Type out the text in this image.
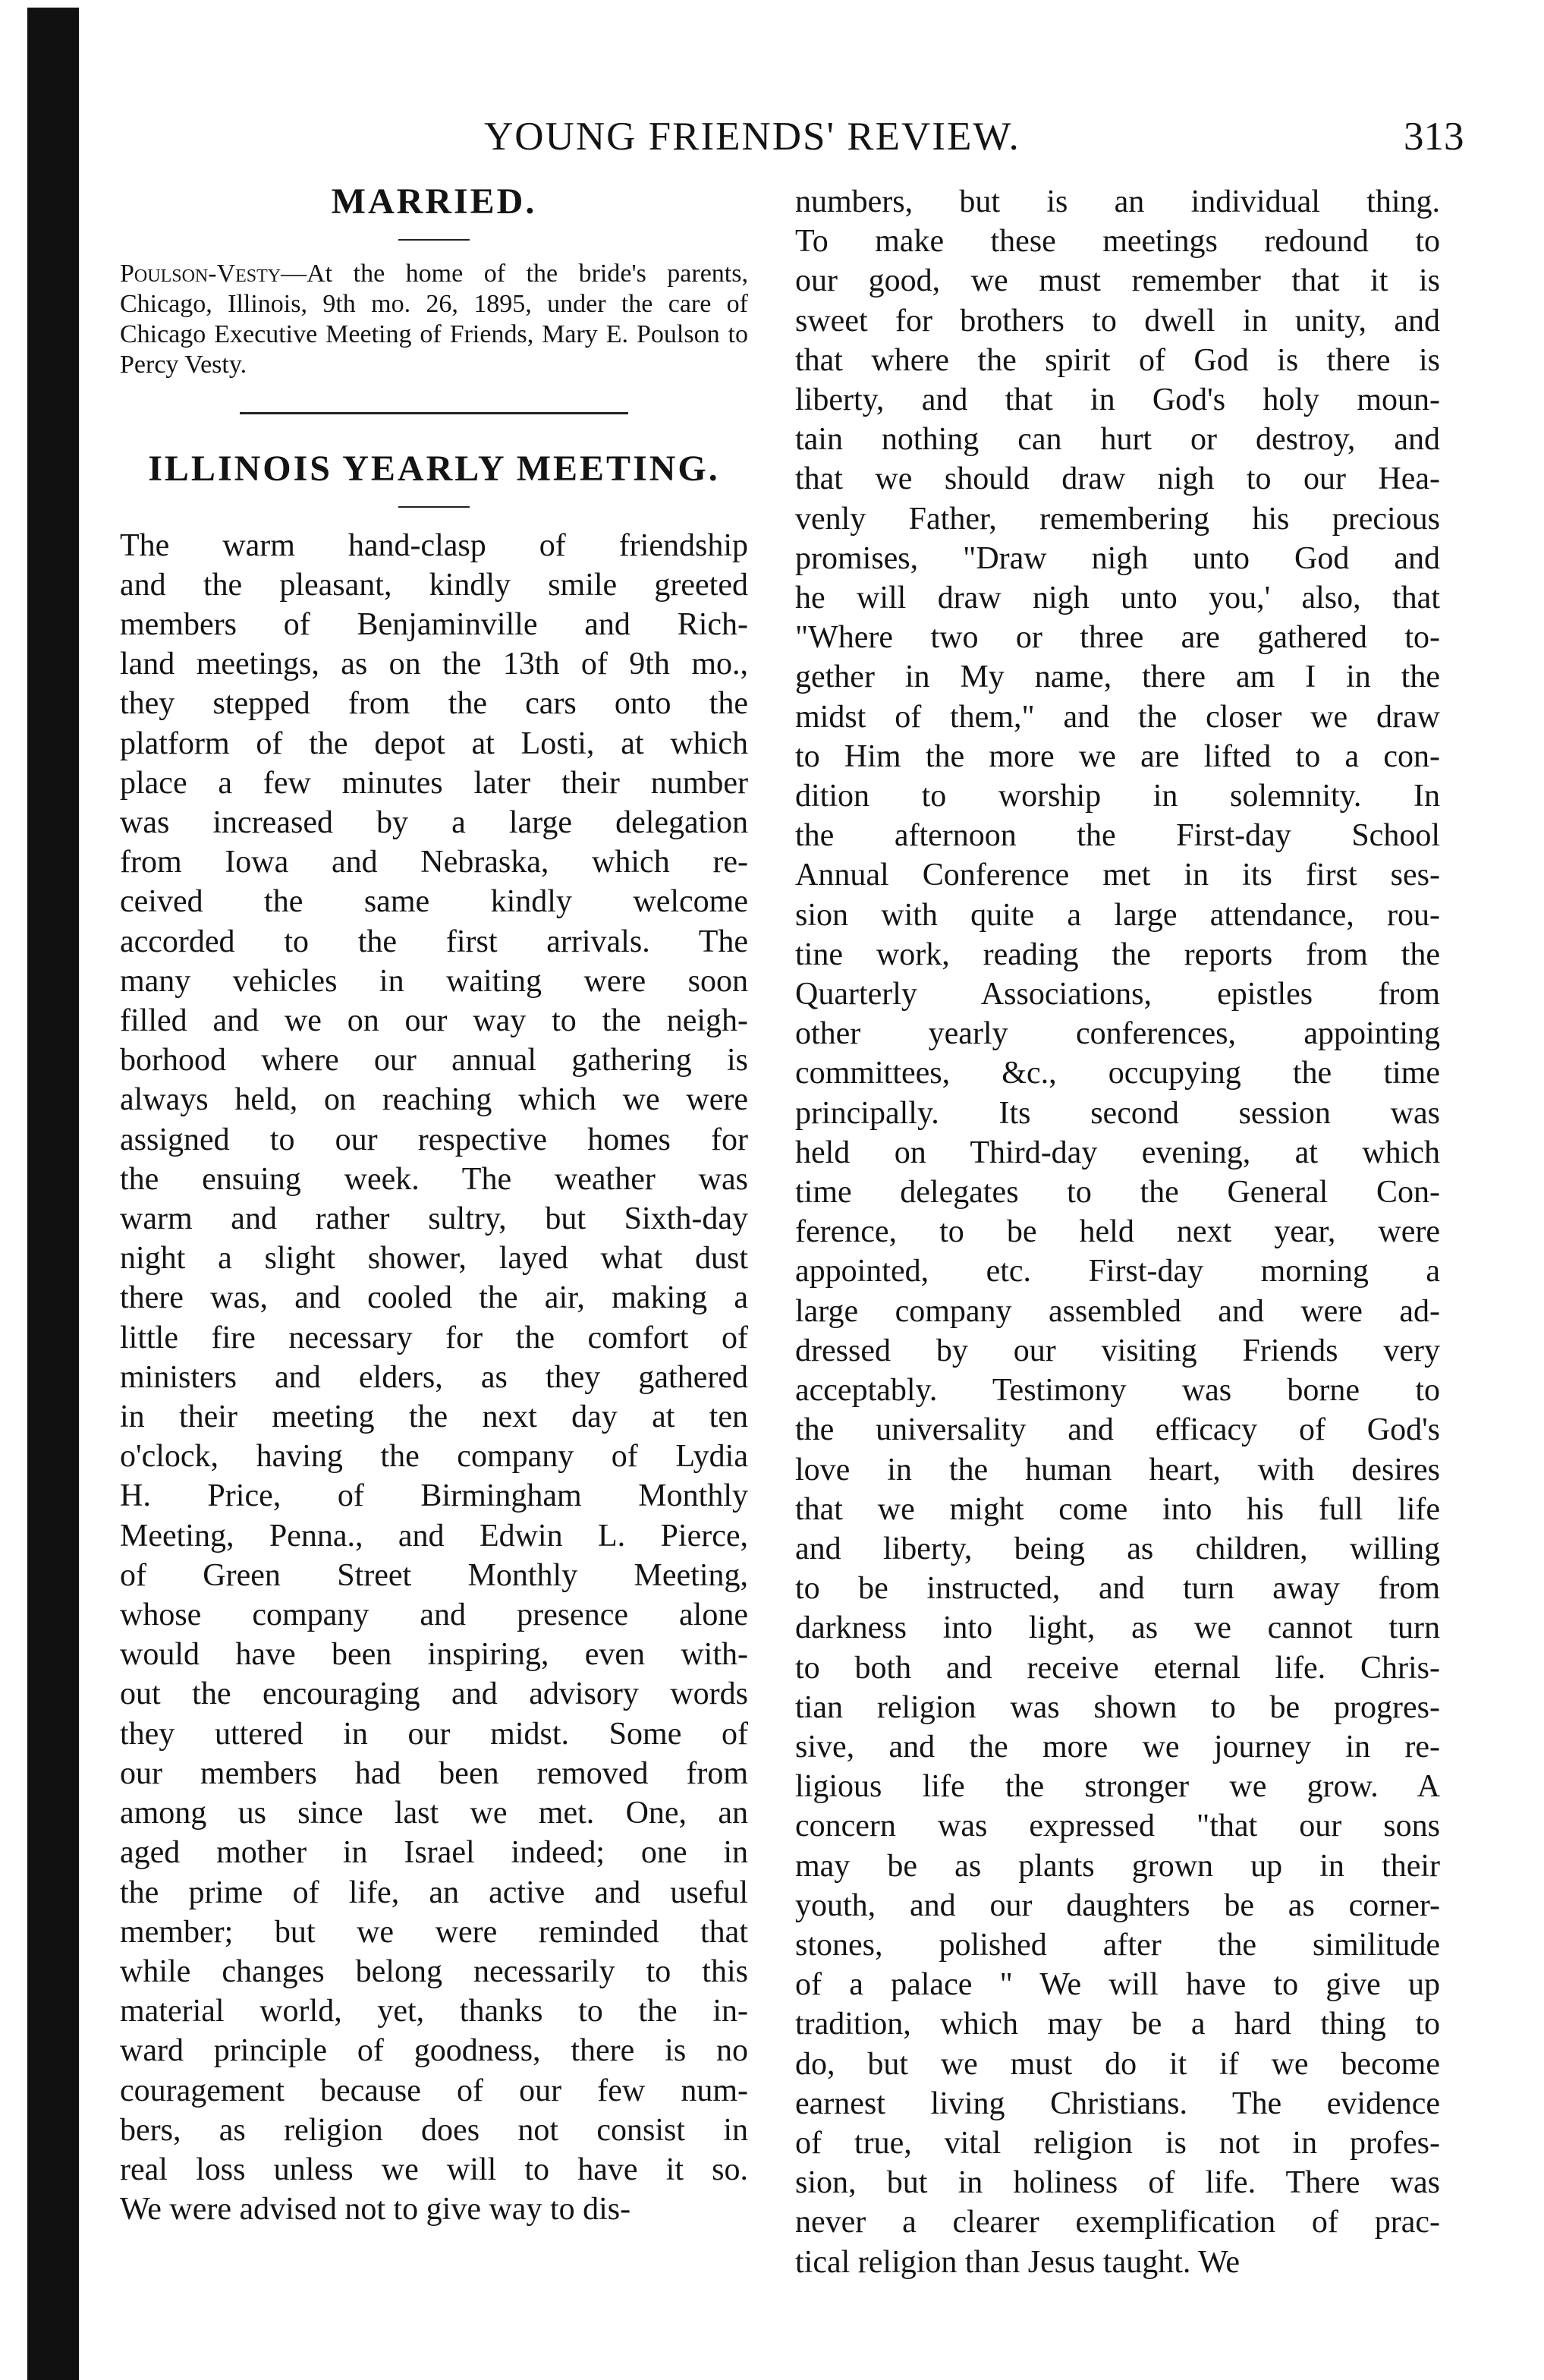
YOUNG FRIENDS' REVIEW.	313
MARRIED.

Poulson-Vesty—At the home of the bride's parents, Chicago, Illinois, 9th mo. 26, 1895, under the care of Chicago Executive Meeting of Friends, Mary E. Poulson to Percy Vesty.

ILLINOIS YEARLY MEETING.
The warm hand-clasp of friendship
and the pleasant, kindly smile greeted
members of Benjaminville and Rich-
land meetings, as on the 13th of 9th mo.,
they stepped from the cars onto the
platform of the depot at Losti, at which
place a few minutes later their number
was increased by a large delegation
from Iowa and Nebraska, which re-
ceived the same kindly welcome
accorded to the first arrivals. The
many vehicles in waiting were soon
filled and we on our way to the neigh-
borhood where our annual gathering is
always held, on reaching which we were
assigned to our respective homes for
the ensuing week. The weather was
warm and rather sultry, but Sixth-day
night a slight shower, layed what dust
there was, and cooled the air, making a
little fire necessary for the comfort of
ministers and elders, as they gathered
in their meeting the next day at ten
o'clock, having the company of Lydia
H. Price, of Birmingham Monthly
Meeting, Penna., and Edwin L. Pierce,
of Green Street Monthly Meeting,
whose company and presence alone
would have been inspiring, even with-
out the encouraging and advisory words
they uttered in our midst. Some of
our members had been removed from
among us since last we met. One, an
aged mother in Israel indeed; one in
the prime of life, an active and useful
member; but we were reminded that
while changes belong necessarily to this
material world, yet, thanks to the in-
ward principle of goodness, there is no
couragement because of our few num-
bers, as religion does not consist in
real loss unless we will to have it so.
We were advised not to give way to dis-
numbers, but is an individual thing.
To make these meetings redound to
our good, we must remember that it is
sweet for brothers to dwell in unity, and
that where the spirit of God is there is
liberty, and that in God's holy moun-
tain nothing can hurt or destroy, and
that we should draw nigh to our Hea-
venly Father, remembering his precious
promises, "Draw nigh unto God and
he will draw nigh unto you,' also, that
"Where two or three are gathered to-
gether in My name, there am I in the
midst of them," and the closer we draw
to Him the more we are lifted to a con-
dition to worship in solemnity. In
the afternoon the First-day School
Annual Conference met in its first ses-
sion with quite a large attendance, rou-
tine work, reading the reports from the
Quarterly Associations, epistles from
other yearly conferences, appointing
committees, &c., occupying the time
principally. Its second session was
held on Third-day evening, at which
time delegates to the General Con-
ference, to be held next year, were
appointed, etc. First-day morning a
large company assembled and were ad-
dressed by our visiting Friends very
acceptably. Testimony was borne to
the universality and efficacy of God's
love in the human heart, with desires
that we might come into his full life
and liberty, being as children, willing
to be instructed, and turn away from
darkness into light, as we cannot turn
to both and receive eternal life. Chris-
tian religion was shown to be progres-
sive, and the more we journey in re-
ligious life the stronger we grow. A
concern was expressed "that our sons
may be as plants grown up in their
youth, and our daughters be as corner-
stones, polished after the similitude
of a palace " We will have to give up
tradition, which may be a hard thing to
do, but we must do it if we become
earnest living Christians. The evidence
of true, vital religion is not in profes-
sion, but in holiness of life. There was
never a clearer exemplification of prac-
tical religion than Jesus taught. We
